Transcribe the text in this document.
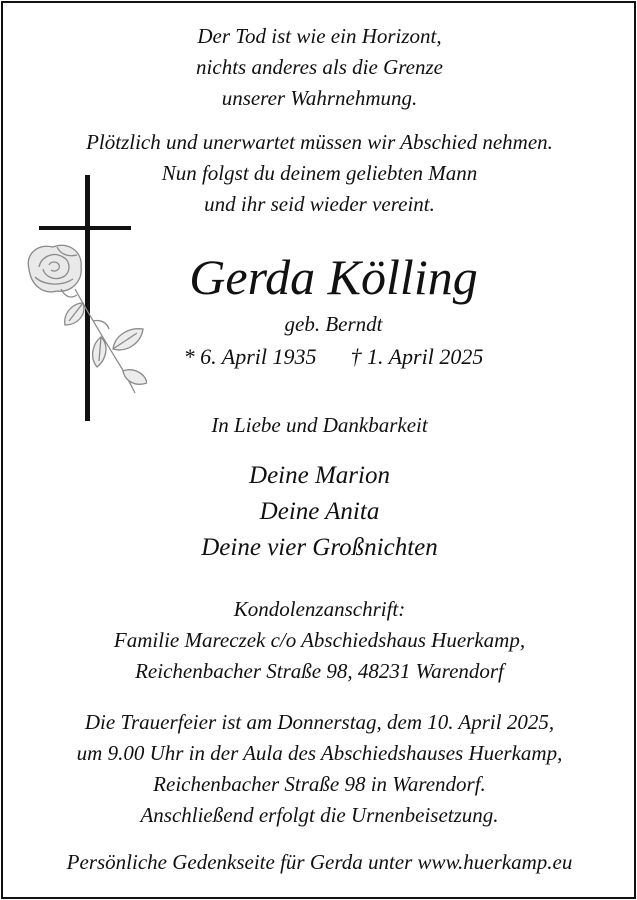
Der Tod ist wie ein Horizont,
nichts anderes als die Grenze
unserer Wahrnehmung.
Plötzlich und unerwartet müssen wir Abschied nehmen.
Nun folgst du deinem geliebten Mann
und ihr seid wieder vereint.
Gerda Kölling
geb. Berndt
* 6. April 1935 † 1. April 2025
In Liebe und Dankbarkeit
Deine Marion
Deine Anita
Deine vier Großnichten
Kondolenzanschrift:
Familie Mareczek c/o Abschiedshaus Huerkamp,
Reichenbacher Straße 98, 48231 Warendorf
Die Trauerfeier ist am Donnerstag, dem 10. April 2025,
um 9.00 Uhr in der Aula des Abschiedshauses Huerkamp,
Reichenbacher Straße 98 in Warendorf.
Anschließend erfolgt die Urnenbeisetzung.
Persönliche Gedenkseite für Gerda unter www.huerkamp.eu
